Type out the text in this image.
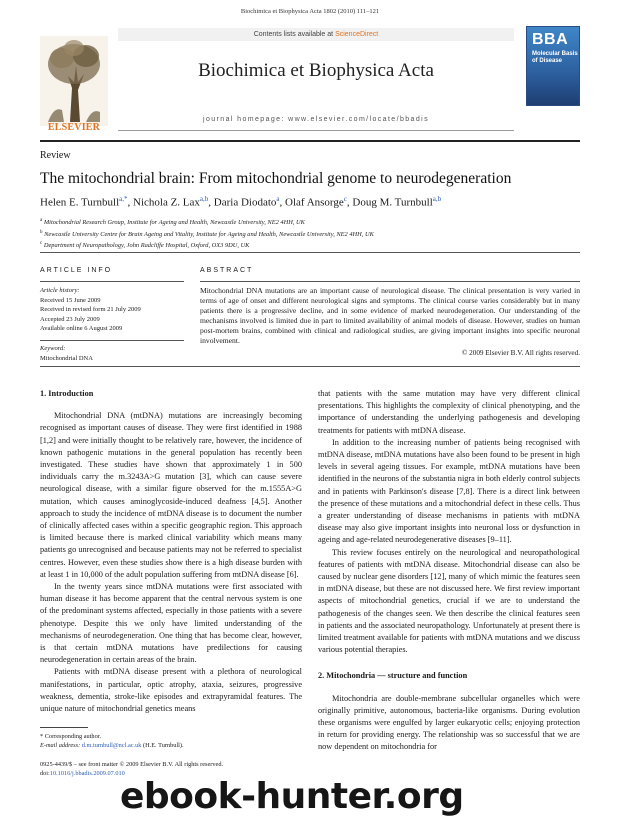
Biochimica et Biophysica Acta 1802 (2010) 111–121
ELSEVIER
Contents lists available at ScienceDirect
Biochimica et Biophysica Acta
journal homepage: www.elsevier.com/locate/bbadis
BBA
Molecular Basis of Disease
Review
The mitochondrial brain: From mitochondrial genome to neurodegeneration
Helen E. Turnbull$^{a,*}$, Nichola Z. Lax$^{a,b}$, Daria Diodato$^a$, Olaf Ansorge$^c$, Doug M. Turnbull$^{a,b}$
$^a$ Mitochondrial Research Group, Institute for Ageing and Health, Newcastle University, NE2 4HH, UK
$^b$ Newcastle University Centre for Brain Ageing and Vitality, Institute for Ageing and Health, Newcastle University, NE2 4HH, UK
$^c$ Department of Neuropathology, John Radcliffe Hospital, Oxford, OX3 9DU, UK
ARTICLE INFO
Article history:
Received 15 June 2009
Received in revised form 21 July 2009
Accepted 23 July 2009
Available online 6 August 2009
Keyword:
Mitochondrial DNA
ABSTRACT
Mitochondrial DNA mutations are an important cause of neurological disease. The clinical presentation is very varied in terms of age of onset and different neurological signs and symptoms. The clinical course varies considerably but in many patients there is a progressive decline, and in some evidence of marked neurodegeneration. Our understanding of the mechanisms involved is limited due in part to limited availability of animal models of disease. However, studies on human post-mortem brains, combined with clinical and radiological studies, are giving important insights into specific neuronal involvement.
© 2009 Elsevier B.V. All rights reserved.
1. Introduction
Mitochondrial DNA (mtDNA) mutations are increasingly becoming recognised as important causes of disease. They were first identified in 1988 [1,2] and were initially thought to be relatively rare, however, the incidence of known pathogenic mutations in the general population has recently been investigated. These studies have shown that approximately 1 in 500 individuals carry the m.3243A>G mutation [3], which can cause severe neurological disease, with a similar figure observed for the m.1555A>G mutation, which causes aminoglycoside-induced deafness [4,5]. Another approach to study the incidence of mtDNA disease is to document the number of clinically affected cases within a specific geographic region. This approach is limited because there is marked clinical variability which means many patients go unrecognised and because patients may not be referred to specialist centres. However, even these studies show there is a high disease burden with at least 1 in 10,000 of the adult population suffering from mtDNA disease [6].
In the twenty years since mtDNA mutations were first associated with human disease it has become apparent that the central nervous system is one of the predominant systems affected, especially in those patients with a severe phenotype. Despite this we only have limited understanding of the mechanisms of neurodegeneration. One thing that has become clear, however, is that certain mtDNA mutations have predilections for causing neurodegeneration in certain areas of the brain.
Patients with mtDNA disease present with a plethora of neurological manifestations, in particular, optic atrophy, ataxia, seizures, progressive weakness, dementia, stroke-like episodes and extrapyramidal features. The unique nature of mitochondrial genetics means
that patients with the same mutation may have very different clinical presentations. This highlights the complexity of clinical phenotyping, and the importance of understanding the underlying pathogenesis and developing treatments for patients with mtDNA disease.
In addition to the increasing number of patients being recognised with mtDNA disease, mtDNA mutations have also been found to be present in high levels in several ageing tissues. For example, mtDNA mutations have been identified in the neurons of the substantia nigra in both elderly control subjects and in patients with Parkinson's disease [7,8]. There is a direct link between the presence of these mutations and a mitochondrial defect in these cells. Thus a greater understanding of disease mechanisms in patients with mtDNA disease may also give important insights into neuronal loss or dysfunction in ageing and age-related neurodegenerative diseases [9–11].
This review focuses entirely on the neurological and neuropathological features of patients with mtDNA disease. Mitochondrial disease can also be caused by nuclear gene disorders [12], many of which mimic the features seen in mtDNA disease, but these are not discussed here. We first review important aspects of mitochondrial genetics, crucial if we are to understand the pathogenesis of the changes seen. We then describe the clinical features seen in patients and the associated neuropathology. Unfortunately at present there is limited treatment available for patients with mtDNA mutations and we discuss various potential therapies.
2. Mitochondria — structure and function
Mitochondria are double-membrane subcellular organelles which were originally primitive, autonomous, bacteria-like organisms. During evolution these organisms were engulfed by larger eukaryotic cells; enjoying protection in return for providing energy. The relationship was so successful that we are now dependent on mitochondria for
* Corresponding author.
E-mail address: d.m.turnbull@ncl.ac.uk (H.E. Turnbull).
0925-4439/$ – see front matter © 2009 Elsevier B.V. All rights reserved.
doi:10.1016/j.bbadis.2009.07.010
ebook-hunter.org
